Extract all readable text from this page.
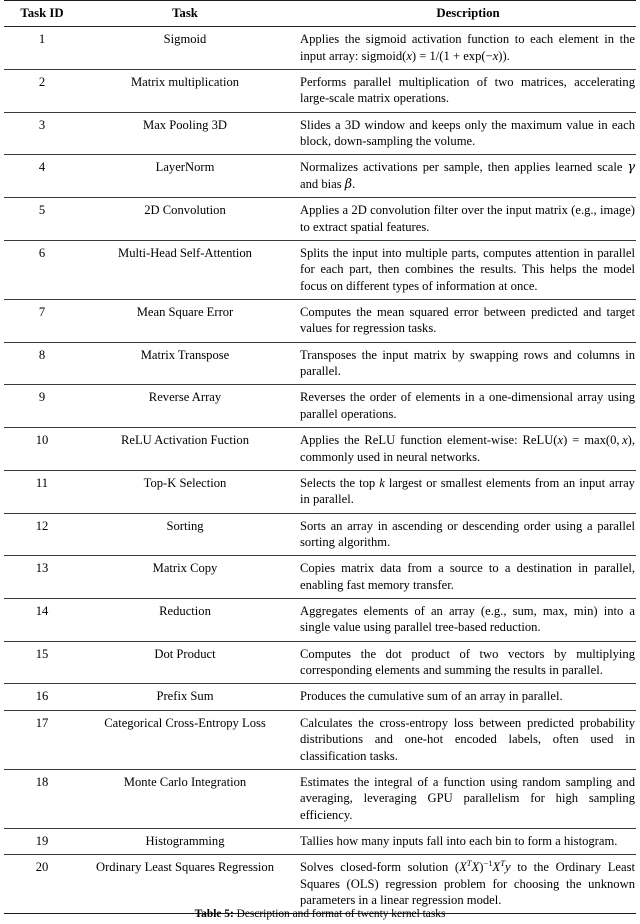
Task ID	Task	Description
1	Sigmoid	Applies the sigmoid activation function to each element in the input array: sigmoid(x) = 1/(1 + exp(−x)).
2	Matrix multiplication	Performs parallel multiplication of two matrices, accelerating large-scale matrix operations.
3	Max Pooling 3D	Slides a 3D window and keeps only the maximum value in each block, down-sampling the volume.
4	LayerNorm	Normalizes activations per sample, then applies learned scale γ and bias β.
5	2D Convolution	Applies a 2D convolution filter over the input matrix (e.g., image) to extract spatial features.
6	Multi-Head Self-Attention	Splits the input into multiple parts, computes attention in parallel for each part, then combines the results. This helps the model focus on different types of information at once.
7	Mean Square Error	Computes the mean squared error between predicted and target values for regression tasks.
8	Matrix Transpose	Transposes the input matrix by swapping rows and columns in parallel.
9	Reverse Array	Reverses the order of elements in a one-dimensional array using parallel operations.
10	ReLU Activation Fuction	Applies the ReLU function element-wise: ReLU(x) = max(0, x), commonly used in neural networks.
11	Top-K Selection	Selects the top k largest or smallest elements from an input array in parallel.
12	Sorting	Sorts an array in ascending or descending order using a parallel sorting algorithm.
13	Matrix Copy	Copies matrix data from a source to a destination in parallel, enabling fast memory transfer.
14	Reduction	Aggregates elements of an array (e.g., sum, max, min) into a single value using parallel tree-based reduction.
15	Dot Product	Computes the dot product of two vectors by multiplying corresponding elements and summing the results in parallel.
16	Prefix Sum	Produces the cumulative sum of an array in parallel.
17	Categorical Cross-Entropy Loss	Calculates the cross-entropy loss between predicted probability distributions and one-hot encoded labels, often used in classification tasks.
18	Monte Carlo Integration	Estimates the integral of a function using random sampling and averaging, leveraging GPU parallelism for high sampling efficiency.
19	Histogramming	Tallies how many inputs fall into each bin to form a histogram.
20	Ordinary Least Squares Regression	Solves closed-form solution $(X^TX)^{-1}X^Ty$ to the Ordinary Least Squares (OLS) regression problem for choosing the unknown parameters in a linear regression model.
Table 5: Description and format of twenty kernel tasks
